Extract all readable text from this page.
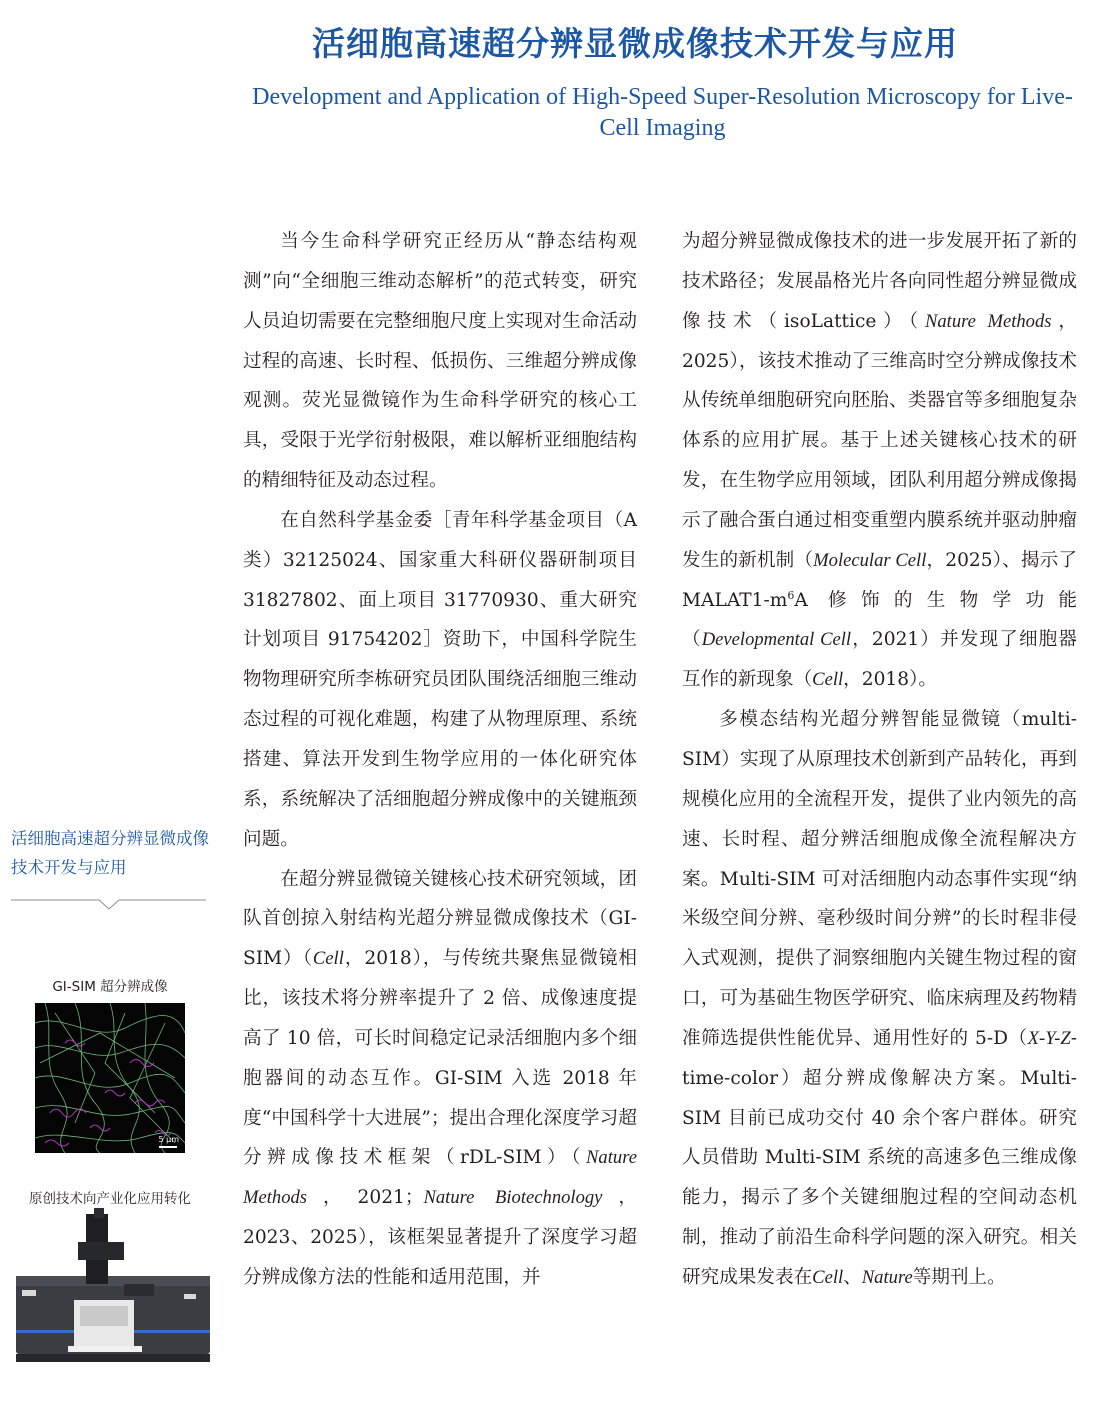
活细胞高速超分辨显微成像技术开发与应用
Development and Application of High-Speed Super-Resolution Microscopy for Live-Cell Imaging
活细胞高速超分辨显微成像技术开发与应用
GI-SIM 超分辨成像
5 μm
原创技术向产业化应用转化

当今生命科学研究正经历从“静态结构观测”向“全细胞三维动态解析”的范式转变，研究人员迫切需要在完整细胞尺度上实现对生命活动过程的高速、长时程、低损伤、三维超分辨成像观测。荧光显微镜作为生命科学研究的核心工具，受限于光学衍射极限，难以解析亚细胞结构的精细特征及动态过程。

在自然科学基金委［青年科学基金项目（A类）32125024、国家重大科研仪器研制项目 31827802、面上项目 31770930、重大研究计划项目 91754202］资助下，中国科学院生物物理研究所李栋研究员团队围绕活细胞三维动态过程的可视化难题，构建了从物理原理、系统搭建、算法开发到生物学应用的一体化研究体系，系统解决了活细胞超分辨成像中的关键瓶颈问题。

在超分辨显微镜关键核心技术研究领域，团队首创掠入射结构光超分辨显微成像技术（GI-SIM）（Cell，2018），与传统共聚焦显微镜相比，该技术将分辨率提升了 2 倍、成像速度提高了 10 倍，可长时间稳定记录活细胞内多个细胞器间的动态互作。GI-SIM 入选 2018 年度“中国科学十大进展”；提出合理化深度学习超分辨成像技术框架（rDL-SIM）（Nature Methods，2021；Nature Biotechnology，2023、2025），该框架显著提升了深度学习超分辨成像方法的性能和适用范围，并

为超分辨显微成像技术的进一步发展开拓了新的技术路径；发展晶格光片各向同性超分辨显微成像技术（isoLattice）（Nature Methods，2025），该技术推动了三维高时空分辨成像技术从传统单细胞研究向胚胎、类器官等多细胞复杂体系的应用扩展。基于上述关键核心技术的研发，在生物学应用领域，团队利用超分辨成像揭示了融合蛋白通过相变重塑内膜系统并驱动肿瘤发生的新机制（Molecular Cell，2025）、揭示了 $MALAT1-m^6A$ 修饰的生物学功能（Developmental Cell，2021）并发现了细胞器互作的新现象（Cell，2018）。

多模态结构光超分辨智能显微镜（multi-SIM）实现了从原理技术创新到产品转化，再到规模化应用的全流程开发，提供了业内领先的高速、长时程、超分辨活细胞成像全流程解决方案。Multi-SIM 可对活细胞内动态事件实现“纳米级空间分辨、毫秒级时间分辨”的长时程非侵入式观测，提供了洞察细胞内关键生物过程的窗口，可为基础生物医学研究、临床病理及药物精准筛选提供性能优异、通用性好的 5-D（X-Y-Z-time-color）超分辨成像解决方案。Multi-SIM 目前已成功交付 40 余个客户群体。研究人员借助 Multi-SIM 系统的高速多色三维成像能力，揭示了多个关键细胞过程的空间动态机制，推动了前沿生命科学问题的深入研究。相关研究成果发表在Cell、Nature等期刊上。
